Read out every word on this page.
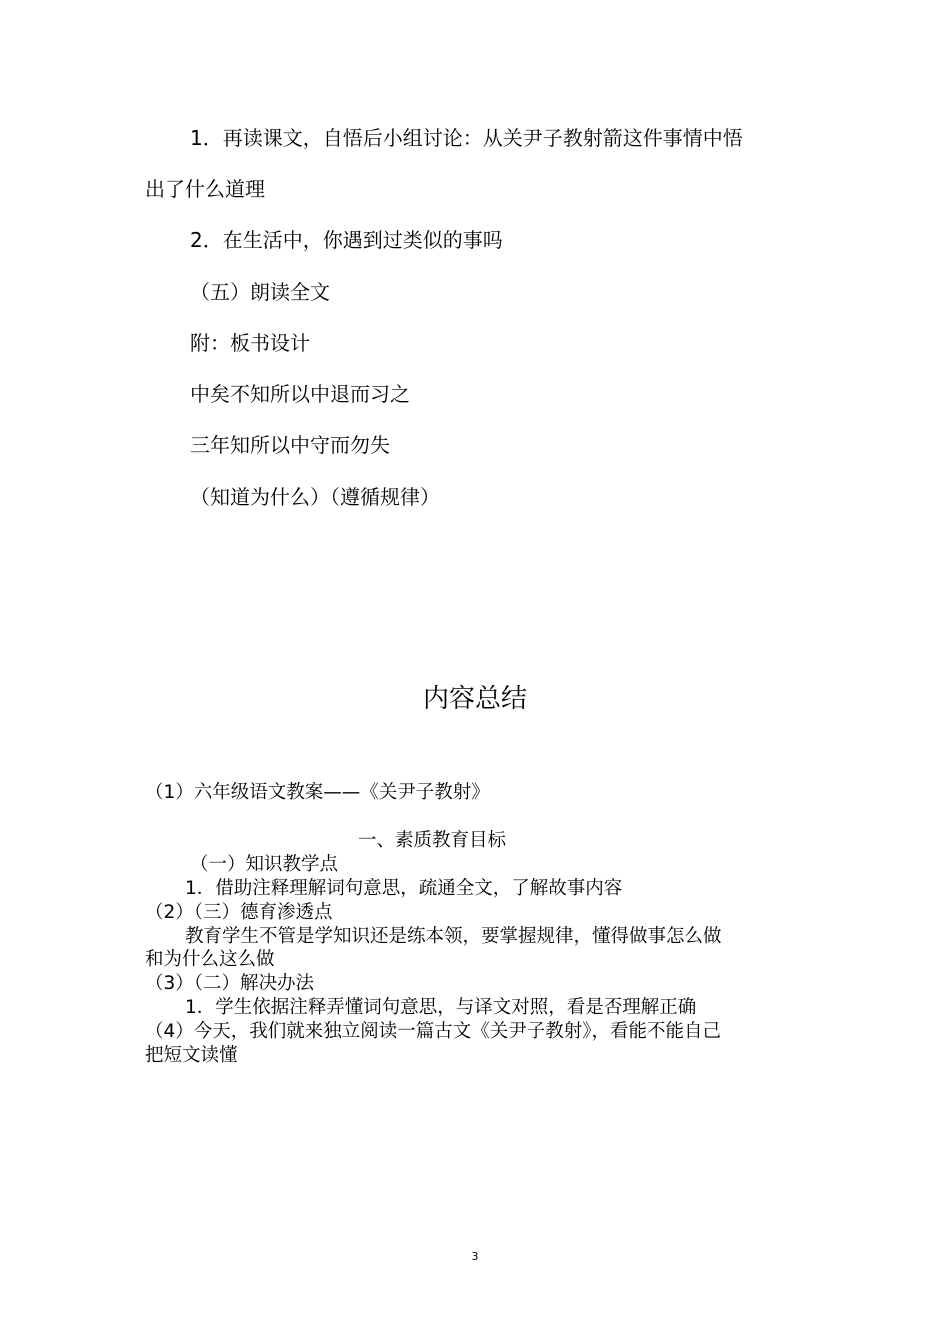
1．再读课文，自悟后小组讨论：从关尹子教射箭这件事情中悟
出了什么道理
2．在生活中，你遇到过类似的事吗
（五）朗读全文
附：板书设计
中矣不知所以中退而习之
三年知所以中守而勿失
（知道为什么）（遵循规律）
内容总结
（1）六年级语文教案——《关尹子教射》
一、素质教育目标
（一）知识教学点
1．借助注释理解词句意思，疏通全文，了解故事内容
（2）（三）德育渗透点
教育学生不管是学知识还是练本领，要掌握规律，懂得做事怎么做
和为什么这么做
（3）（二）解决办法
1．学生依据注释弄懂词句意思，与译文对照，看是否理解正确
（4）今天，我们就来独立阅读一篇古文《关尹子教射》，看能不能自己
把短文读懂
3
